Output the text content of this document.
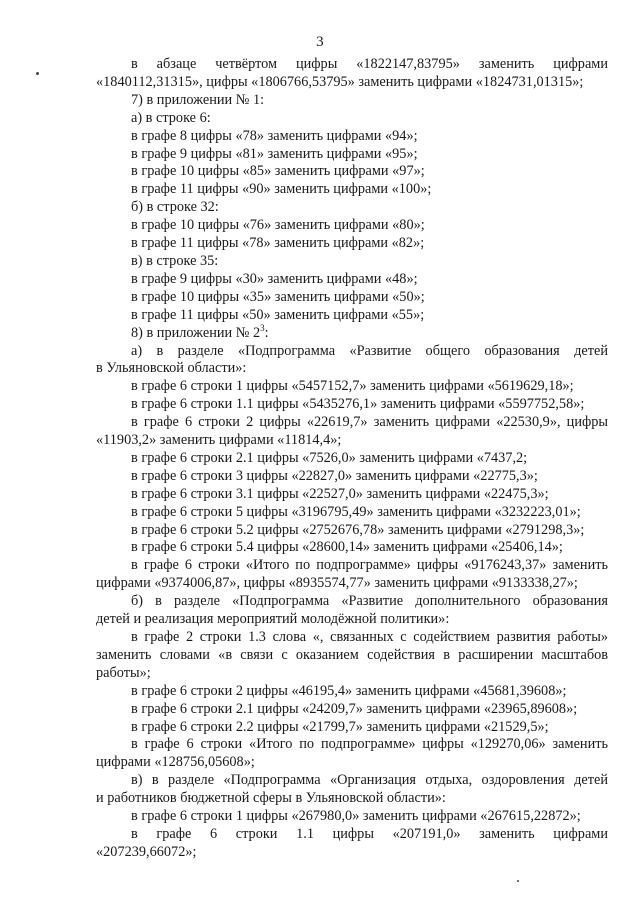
3
в абзаце четвёртом цифры «1822147,83795» заменить цифрами
«1840112,31315», цифры «1806766,53795» заменить цифрами «1824731,01315»;
7) в приложении № 1:
а) в строке 6:
в графе 8 цифры «78» заменить цифрами «94»;
в графе 9 цифры «81» заменить цифрами «95»;
в графе 10 цифры «85» заменить цифрами «97»;
в графе 11 цифры «90» заменить цифрами «100»;
б) в строке 32:
в графе 10 цифры «76» заменить цифрами «80»;
в графе 11 цифры «78» заменить цифрами «82»;
в) в строке 35:
в графе 9 цифры «30» заменить цифрами «48»;
в графе 10 цифры «35» заменить цифрами «50»;
в графе 11 цифры «50» заменить цифрами «55»;
8) в приложении № $2^3$:
а) в разделе «Подпрограмма «Развитие общего образования детей
в Ульяновской области»:
в графе 6 строки 1 цифры «5457152,7» заменить цифрами «5619629,18»;
в графе 6 строки 1.1 цифры «5435276,1» заменить цифрами «5597752,58»;
в графе 6 строки 2 цифры «22619,7» заменить цифрами «22530,9», цифры
«11903,2» заменить цифрами «11814,4»;
в графе 6 строки 2.1 цифры «7526,0» заменить цифрами «7437,2;
в графе 6 строки 3 цифры «22827,0» заменить цифрами «22775,3»;
в графе 6 строки 3.1 цифры «22527,0» заменить цифрами «22475,3»;
в графе 6 строки 5 цифры «3196795,49» заменить цифрами «3232223,01»;
в графе 6 строки 5.2 цифры «2752676,78» заменить цифрами «2791298,3»;
в графе 6 строки 5.4 цифры «28600,14» заменить цифрами «25406,14»;
в графе 6 строки «Итого по подпрограмме» цифры «9176243,37» заменить
цифрами «9374006,87», цифры «8935574,77» заменить цифрами «9133338,27»;
б) в разделе «Подпрограмма «Развитие дополнительного образования
детей и реализация мероприятий молодёжной политики»:
в графе 2 строки 1.3 слова «, связанных с содействием развития работы»
заменить словами «в связи с оказанием содействия в расширении масштабов
работы»;
в графе 6 строки 2 цифры «46195,4» заменить цифрами «45681,39608»;
в графе 6 строки 2.1 цифры «24209,7» заменить цифрами «23965,89608»;
в графе 6 строки 2.2 цифры «21799,7» заменить цифрами «21529,5»;
в графе 6 строки «Итого по подпрограмме» цифры «129270,06» заменить
цифрами «128756,05608»;
в) в разделе «Подпрограмма «Организация отдыха, оздоровления детей
и работников бюджетной сферы в Ульяновской области»:
в графе 6 строки 1 цифры «267980,0» заменить цифрами «267615,22872»;
в графе 6 строки 1.1 цифры «207191,0» заменить цифрами
«207239,66072»;
